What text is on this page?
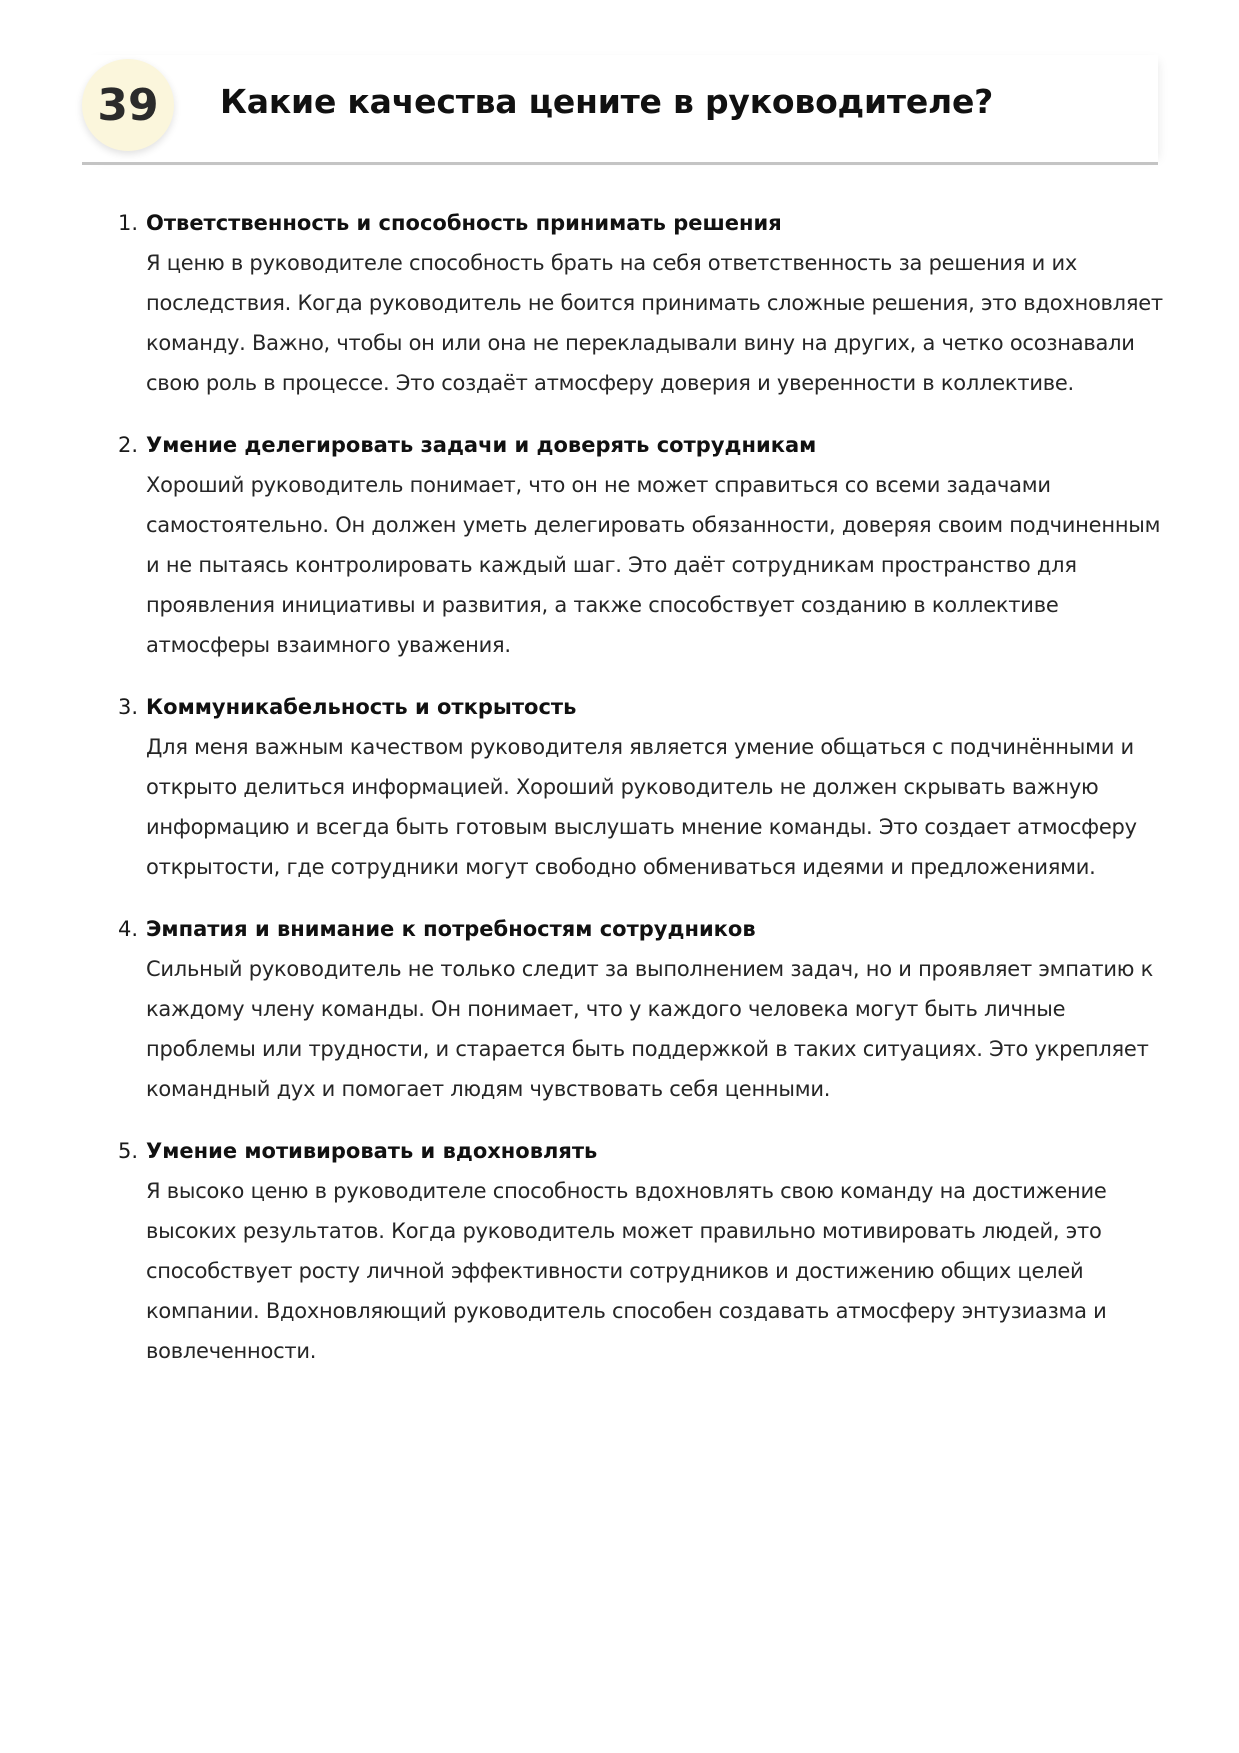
39	Какие качества цените в руководителе?
1. Ответственность и способность принимать решения

Я ценю в руководителе способность брать на себя ответственность за решения и их последствия. Когда руководитель не боится принимать сложные решения, это вдохновляет команду. Важно, чтобы он или она не перекладывали вину на других, а четко осознавали свою роль в процессе. Это создаёт атмосферу доверия и уверенности в коллективе.

2. Умение делегировать задачи и доверять сотрудникам

Хороший руководитель понимает, что он не может справиться со всеми задачами самостоятельно. Он должен уметь делегировать обязанности, доверяя своим подчиненным и не пытаясь контролировать каждый шаг. Это даёт сотрудникам пространство для проявления инициативы и развития, а также способствует созданию в коллективе атмосферы взаимного уважения.

3. Коммуникабельность и открытость

Для меня важным качеством руководителя является умение общаться с подчинёнными и открыто делиться информацией. Хороший руководитель не должен скрывать важную информацию и всегда быть готовым выслушать мнение команды. Это создает атмосферу открытости, где сотрудники могут свободно обмениваться идеями и предложениями.

4. Эмпатия и внимание к потребностям сотрудников

Сильный руководитель не только следит за выполнением задач, но и проявляет эмпатию к каждому члену команды. Он понимает, что у каждого человека могут быть личные проблемы или трудности, и старается быть поддержкой в таких ситуациях. Это укрепляет командный дух и помогает людям чувствовать себя ценными.

5. Умение мотивировать и вдохновлять

Я высоко ценю в руководителе способность вдохновлять свою команду на достижение высоких результатов. Когда руководитель может правильно мотивировать людей, это способствует росту личной эффективности сотрудников и достижению общих целей компании. Вдохновляющий руководитель способен создавать атмосферу энтузиазма и вовлеченности.
